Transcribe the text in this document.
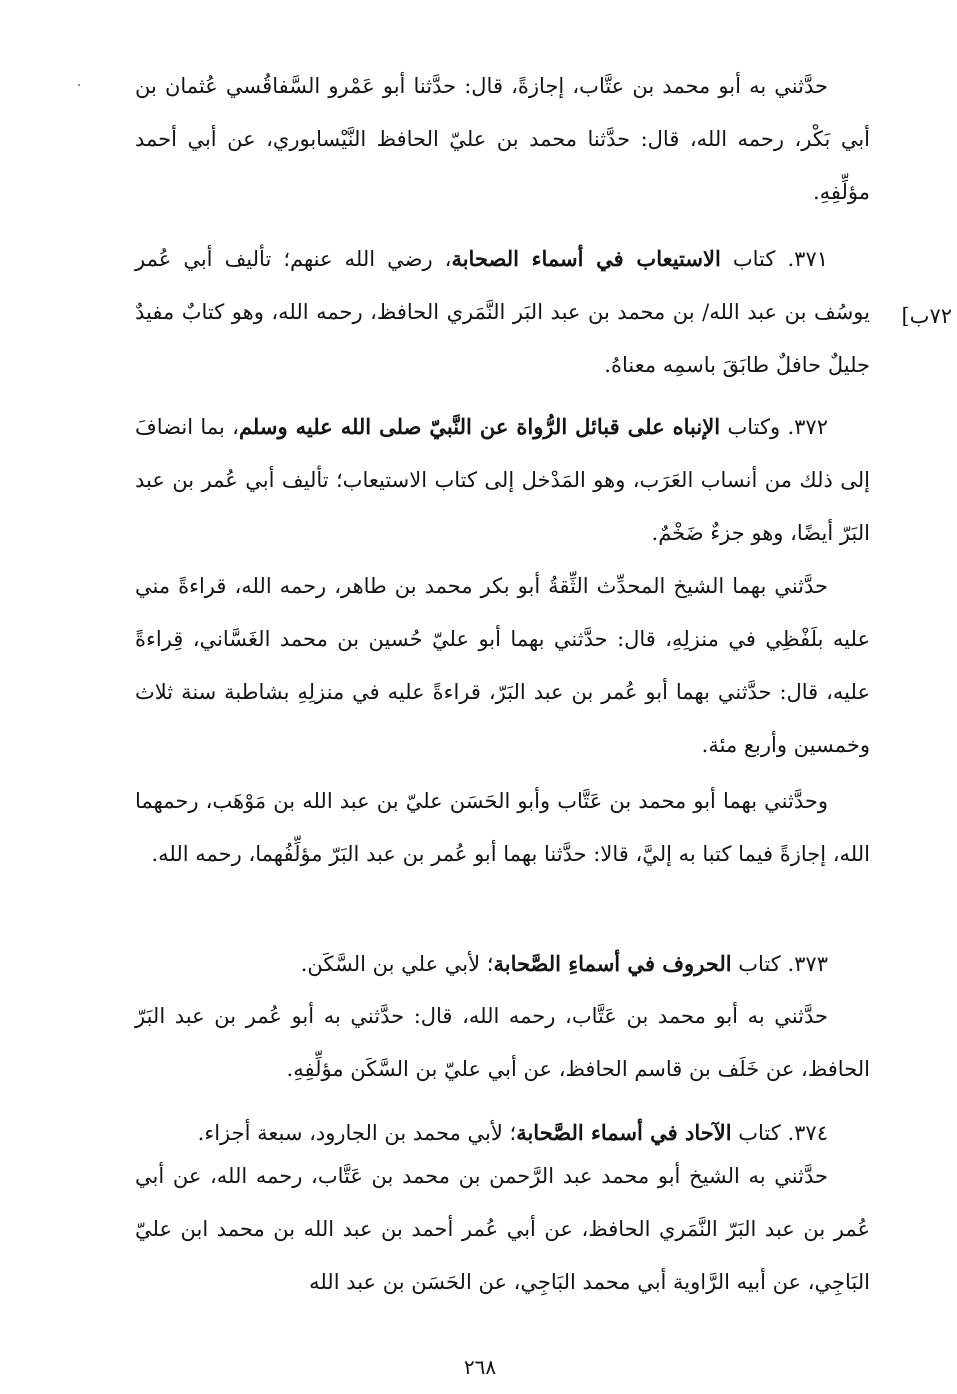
حدَّثني به أبو محمد بن عتَّاب، إجازةً، قال: حدَّثنا أبو عَمْرو السَّفاقُسي عُثمان بن أبي بَكْر، رحمه الله، قال: حدَّثنا محمد بن عليّ الحافظ النَّيْسابوري، عن أبي أحمد مؤلِّفِهِ.

٣٧١. كتاب الاستيعاب في أسماء الصحابة، رضي الله عنهم؛ تأليف أبي عُمر يوسُف بن عبد الله/ بن محمد بن عبد البَر النَّمَري الحافظ، رحمه الله، وهو كتابٌ مفيدٌ جليلٌ حافلٌ طابَقَ باسمِه معناهُ.

٧٢ب]

٣٧٢. وكتاب الإنباه على قبائل الرُّواة عن النَّبيّ صلى الله عليه وسلم، بما انضافَ إلى ذلك من أنساب العَرَب، وهو المَدْخل إلى كتاب الاستيعاب؛ تأليف أبي عُمر بن عبد البَرّ أيضًا، وهو جزءٌ ضَخْمٌ.

حدَّثني بهما الشيخ المحدِّث الثِّقةُ أبو بكر محمد بن طاهر، رحمه الله، قراءةً مني عليه بلَفْظِي في منزلِهِ، قال: حدَّثني بهما أبو عليّ حُسين بن محمد الغَسَّاني، قِراءةً عليه، قال: حدَّثني بهما أبو عُمر بن عبد البَرّ، قراءةً عليه في منزلِهِ بشاطبة سنة ثلاث وخمسين وأربع مئة.

وحدَّثني بهما أبو محمد بن عَتَّاب وأبو الحَسَن عليّ بن عبد الله بن مَوْهَب، رحمهما الله، إجازةً فيما كتبا به إليَّ، قالا: حدَّثنا بهما أبو عُمر بن عبد البَرّ مؤلِّفُهما، رحمه الله.

٣٧٣. كتاب الحروف في أسماءِ الصَّحابة؛ لأبي علي بن السَّكَن.

حدَّثني به أبو محمد بن عَتَّاب، رحمه الله، قال: حدَّثني به أبو عُمر بن عبد البَرّ الحافظ، عن خَلَف بن قاسم الحافظ، عن أبي عليّ بن السَّكَن مؤلِّفِهِ.

٣٧٤. كتاب الآحاد في أسماء الصَّحابة؛ لأبي محمد بن الجارود، سبعة أجزاء.

حدَّثني به الشيخ أبو محمد عبد الرَّحمن بن محمد بن عَتَّاب، رحمه الله، عن أبي عُمر بن عبد البَرّ النَّمَري الحافظ، عن أبي عُمر أحمد بن عبد الله بن محمد ابن عليّ البَاجِي، عن أبيه الرَّاوية أبي محمد البَاجِي، عن الحَسَن بن عبد الله

٢٦٨
